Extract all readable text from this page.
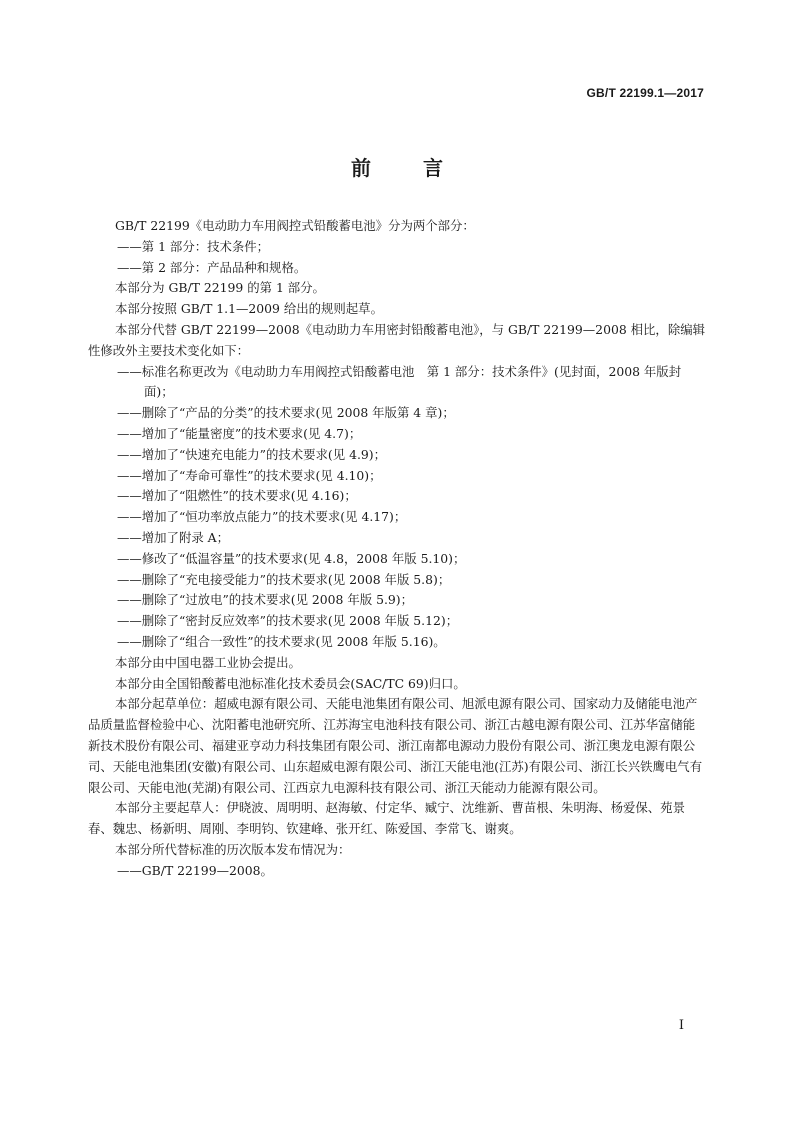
GB/T 22199.1—2017
前言

GB/T 22199《电动助力车用阀控式铅酸蓄电池》分为两个部分：

——第 1 部分：技术条件；

——第 2 部分：产品品种和规格。

本部分为 GB/T 22199 的第 1 部分。

本部分按照 GB/T 1.1—2009 给出的规则起草。

本部分代替 GB/T 22199—2008《电动助力车用密封铅酸蓄电池》，与 GB/T 22199—2008 相比，除编辑性修改外主要技术变化如下：

——标准名称更改为《电动助力车用阀控式铅酸蓄电池　第 1 部分：技术条件》(见封面，2008 年版封面)；

——删除了“产品的分类”的技术要求(见 2008 年版第 4 章)；

——增加了“能量密度”的技术要求(见 4.7)；

——增加了“快速充电能力”的技术要求(见 4.9)；

——增加了“寿命可靠性”的技术要求(见 4.10)；

——增加了“阻燃性”的技术要求(见 4.16)；

——增加了“恒功率放点能力”的技术要求(见 4.17)；

——增加了附录 A；

——修改了“低温容量”的技术要求(见 4.8，2008 年版 5.10)；

——删除了“充电接受能力”的技术要求(见 2008 年版 5.8)；

——删除了“过放电”的技术要求(见 2008 年版 5.9)；

——删除了“密封反应效率”的技术要求(见 2008 年版 5.12)；

——删除了“组合一致性”的技术要求(见 2008 年版 5.16)。

本部分由中国电器工业协会提出。

本部分由全国铅酸蓄电池标准化技术委员会(SAC/TC 69)归口。

本部分起草单位：超威电源有限公司、天能电池集团有限公司、旭派电源有限公司、国家动力及储能电池产品质量监督检验中心、沈阳蓄电池研究所、江苏海宝电池科技有限公司、浙江古越电源有限公司、江苏华富储能新技术股份有限公司、福建亚亨动力科技集团有限公司、浙江南都电源动力股份有限公司、浙江奥龙电源有限公司、天能电池集团(安徽)有限公司、山东超威电源有限公司、浙江天能电池(江苏)有限公司、浙江长兴铁鹰电气有限公司、天能电池(芜湖)有限公司、江西京九电源科技有限公司、浙江天能动力能源有限公司。

本部分主要起草人：伊晓波、周明明、赵海敏、付定华、臧宁、沈维新、曹苗根、朱明海、杨爱保、苑景春、魏忠、杨新明、周刚、李明钧、钦建峰、张开红、陈爱国、李常飞、谢爽。

本部分所代替标准的历次版本发布情况为：

——GB/T 22199—2008。

I
